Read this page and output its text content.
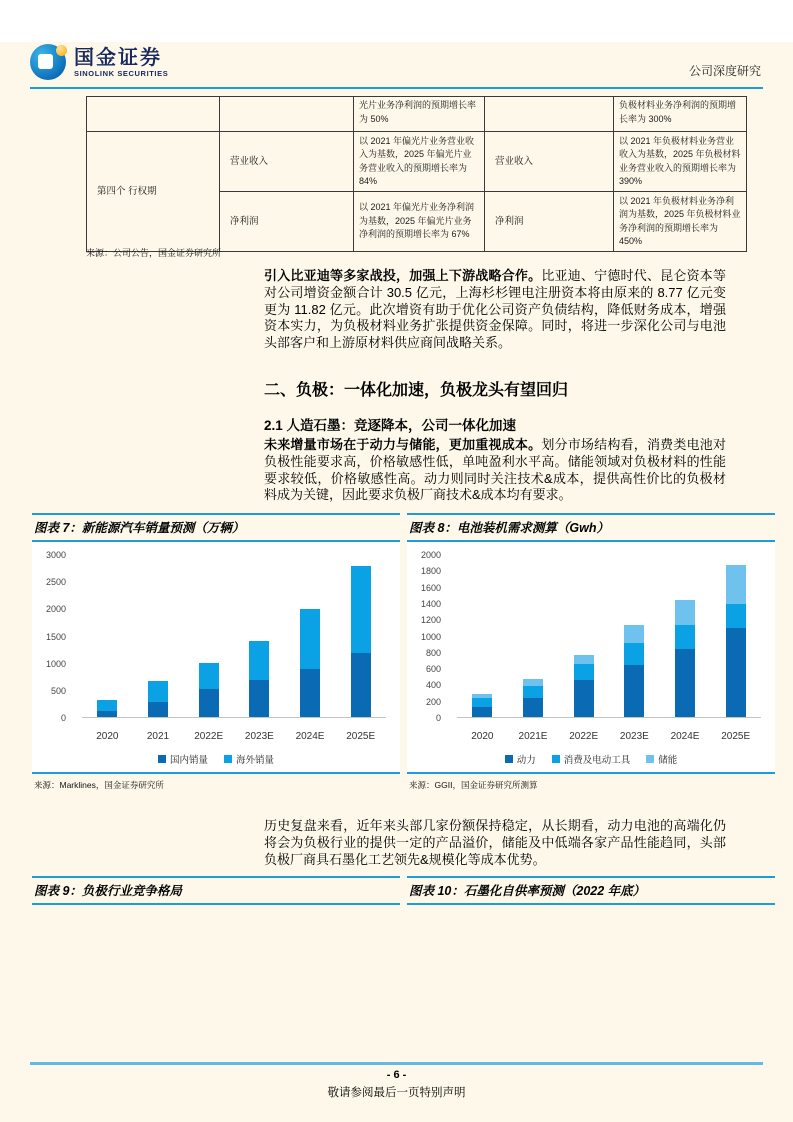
国金证券
SINOLINK SECURITIES	公司深度研究
		光片业务净利润的预期增长率为 50%		负极材料业务净利润的预期增长率为 300%
第四个 行权期	营业收入	以 2021 年偏光片业务营业收入为基数，2025 年偏光片业务营业收入的预期增长率为 84%	营业收入	以 2021 年负极材料业务营业收入为基数，2025 年负极材料业务营业收入的预期增长率为 390%
	净利润	以 2021 年偏光片业务净利润为基数，2025 年偏光片业务净利润的预期增长率为 67%	净利润	以 2021 年负极材料业务净利润为基数，2025 年负极材料业务净利润的预期增长率为 450%
来源：公司公告，国金证券研究所
引入比亚迪等多家战投，加强上下游战略合作。比亚迪、宁德时代、昆仑资本等对公司增资金额合计 30.5 亿元，上海杉杉锂电注册资本将由原来的 8.77 亿元变更为 11.82 亿元。此次增资有助于优化公司资产负债结构，降低财务成本，增强资本实力，为负极材料业务扩张提供资金保障。同时，将进一步深化公司与电池头部客户和上游原材料供应商间战略关系。
二、负极：一体化加速，负极龙头有望回归
2.1 人造石墨：竞逐降本，公司一体化加速
未来增量市场在于动力与储能，更加重视成本。划分市场结构看，消费类电池对负极性能要求高，价格敏感性低，单吨盈利水平高。储能领域对负极材料的性能要求较低，价格敏感性高。动力则同时关注技术&成本，提供高性价比的负极材料成为关键，因此要求负极厂商技术&成本均有要求。
图表 7：新能源汽车销量预测（万辆）
3000
2500
2000
1500
1000
500
0
2020	2021	2022E	2023E	2024E	2025E
国内销量	海外销量
来源：Marklines，国金证券研究所
图表 8：电池装机需求测算（Gwh）
2000
1800
1600
1400
1200
1000
800
600
400
200
0
2020	2021E	2022E	2023E	2024E	2025E
动力	消费及电动工具	储能
来源：GGII，国金证券研究所测算
历史复盘来看，近年来头部几家份额保持稳定，从长期看，动力电池的高端化仍将会为负极行业的提供一定的产品溢价，储能及中低端各家产品性能趋同，头部负极厂商具石墨化工艺领先&规模化等成本优势。
图表 9：负极行业竞争格局	图表 10：石墨化自供率预测（2022 年底）
- 6 -
敬请参阅最后一页特别声明
